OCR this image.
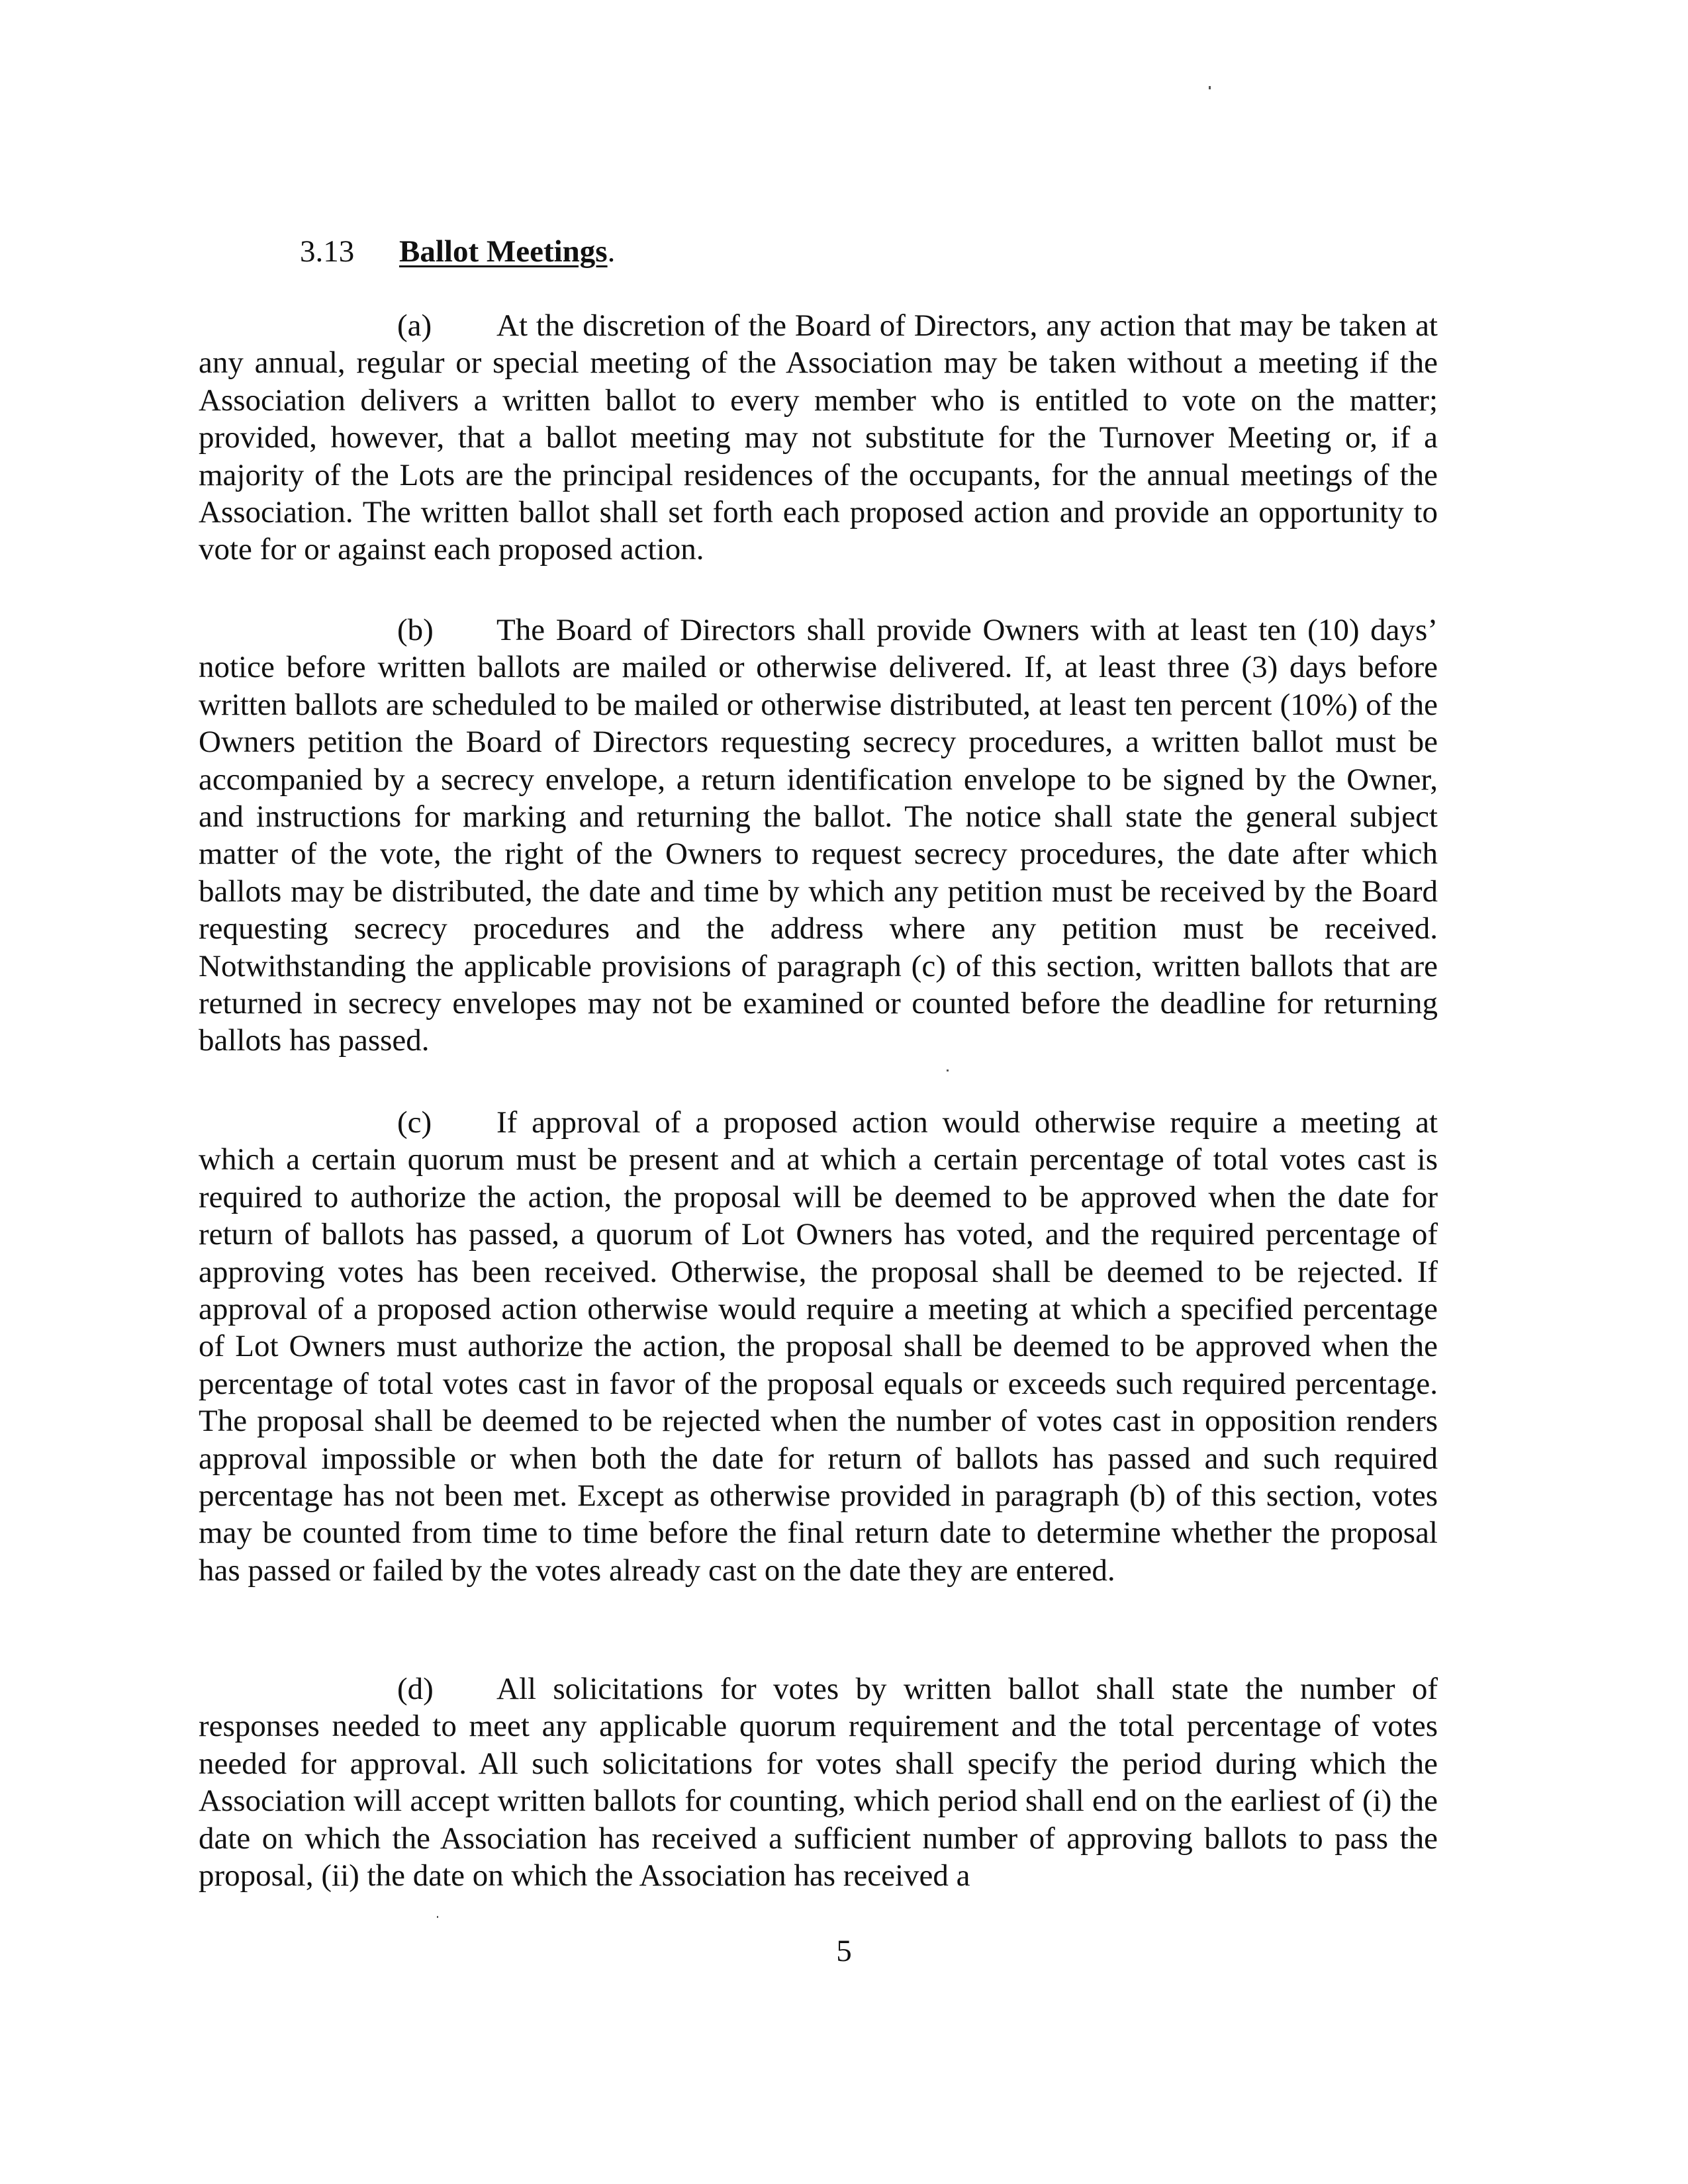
3.13 Ballot Meetings.

(a) At the discretion of the Board of Directors, any action that may be taken at any annual, regular or special meeting of the Association may be taken without a meeting if the Association delivers a written ballot to every member who is entitled to vote on the matter; provided, however, that a ballot meeting may not substitute for the Turnover Meeting or, if a majority of the Lots are the principal residences of the occupants, for the annual meetings of the Association. The written ballot shall set forth each proposed action and provide an opportunity to vote for or against each proposed action.

(b) The Board of Directors shall provide Owners with at least ten (10) days’ notice before written ballots are mailed or otherwise delivered. If, at least three (3) days before written ballots are scheduled to be mailed or otherwise distributed, at least ten percent (10%) of the Owners petition the Board of Directors requesting secrecy procedures, a written ballot must be accompanied by a secrecy envelope, a return identification envelope to be signed by the Owner, and instructions for marking and returning the ballot. The notice shall state the general subject matter of the vote, the right of the Owners to request secrecy procedures, the date after which ballots may be distributed, the date and time by which any petition must be received by the Board requesting secrecy procedures and the address where any petition must be received. Notwithstanding the applicable provisions of paragraph (c) of this section, written ballots that are returned in secrecy envelopes may not be examined or counted before the deadline for returning ballots has passed.

(c) If approval of a proposed action would otherwise require a meeting at which a certain quorum must be present and at which a certain percentage of total votes cast is required to authorize the action, the proposal will be deemed to be approved when the date for return of ballots has passed, a quorum of Lot Owners has voted, and the required percentage of approving votes has been received. Otherwise, the proposal shall be deemed to be rejected. If approval of a proposed action otherwise would require a meeting at which a specified percentage of Lot Owners must authorize the action, the proposal shall be deemed to be approved when the percentage of total votes cast in favor of the proposal equals or exceeds such required percentage. The proposal shall be deemed to be rejected when the number of votes cast in opposition renders approval impossible or when both the date for return of ballots has passed and such required percentage has not been met. Except as otherwise provided in paragraph (b) of this section, votes may be counted from time to time before the final return date to determine whether the proposal has passed or failed by the votes already cast on the date they are entered.

(d) All solicitations for votes by written ballot shall state the number of responses needed to meet any applicable quorum requirement and the total percentage of votes needed for approval. All such solicitations for votes shall specify the period during which the Association will accept written ballots for counting, which period shall end on the earliest of (i) the date on which the Association has received a sufficient number of approving ballots to pass the proposal, (ii) the date on which the Association has received a

5
